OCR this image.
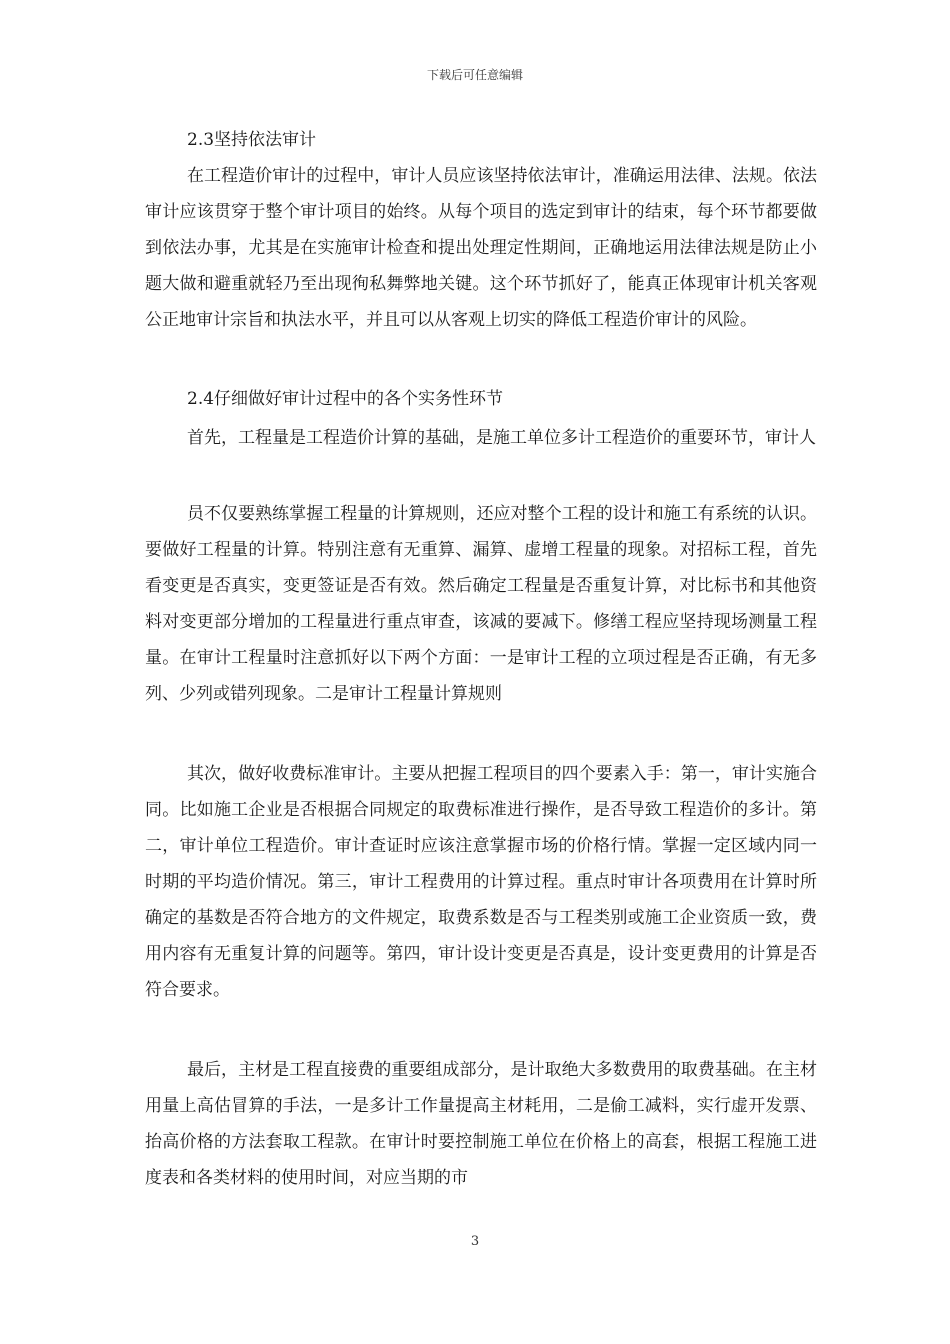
下载后可任意编辑

2.3坚持依法审计

在工程造价审计的过程中，审计人员应该坚持依法审计，准确运用法律、法规。依法审计应该贯穿于整个审计项目的始终。从每个项目的选定到审计的结束，每个环节都要做到依法办事，尤其是在实施审计检查和提出处理定性期间，正确地运用法律法规是防止小题大做和避重就轻乃至出现徇私舞弊地关键。这个环节抓好了，能真正体现审计机关客观公正地审计宗旨和执法水平，并且可以从客观上切实的降低工程造价审计的风险。

2.4仔细做好审计过程中的各个实务性环节

首先，工程量是工程造价计算的基础，是施工单位多计工程造价的重要环节，审计人

员不仅要熟练掌握工程量的计算规则，还应对整个工程的设计和施工有系统的认识。要做好工程量的计算。特别注意有无重算、漏算、虚增工程量的现象。对招标工程，首先看变更是否真实，变更签证是否有效。然后确定工程量是否重复计算，对比标书和其他资料对变更部分增加的工程量进行重点审查，该减的要减下。修缮工程应坚持现场测量工程量。在审计工程量时注意抓好以下两个方面：一是审计工程的立项过程是否正确，有无多列、少列或错列现象。二是审计工程量计算规则

其次，做好收费标准审计。主要从把握工程项目的四个要素入手：第一，审计实施合同。比如施工企业是否根据合同规定的取费标准进行操作，是否导致工程造价的多计。第二，审计单位工程造价。审计查证时应该注意掌握市场的价格行情。掌握一定区域内同一时期的平均造价情况。第三，审计工程费用的计算过程。重点时审计各项费用在计算时所确定的基数是否符合地方的文件规定，取费系数是否与工程类别或施工企业资质一致，费用内容有无重复计算的问题等。第四，审计设计变更是否真是，设计变更费用的计算是否符合要求。

最后，主材是工程直接费的重要组成部分，是计取绝大多数费用的取费基础。在主材用量上高估冒算的手法，一是多计工作量提高主材耗用，二是偷工减料，实行虚开发票、抬高价格的方法套取工程款。在审计时要控制施工单位在价格上的高套，根据工程施工进度表和各类材料的使用时间，对应当期的市

3
